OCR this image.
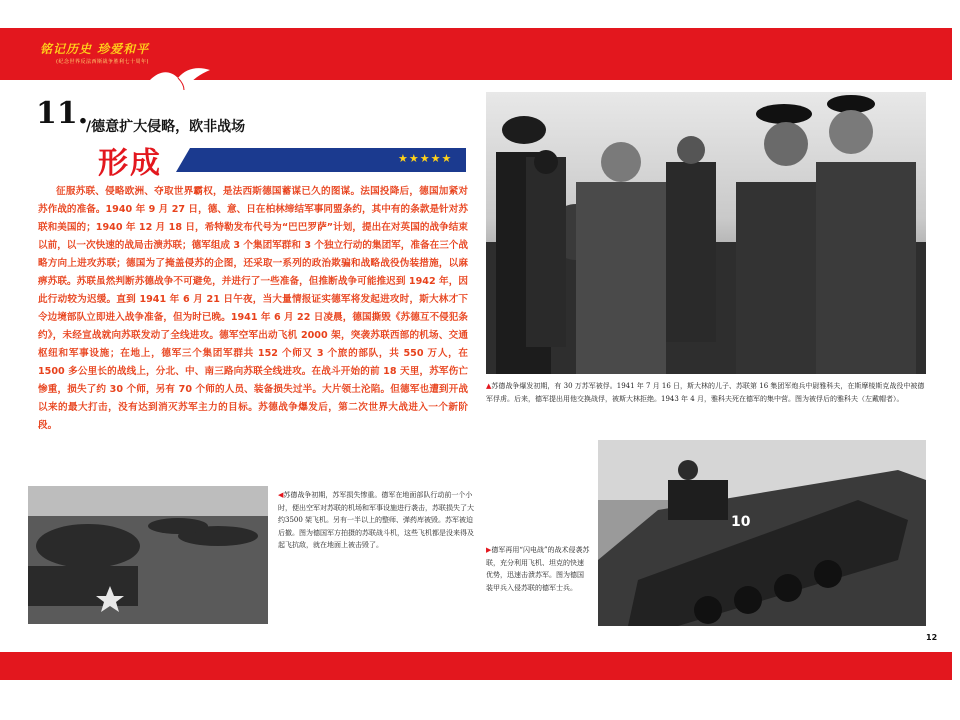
铭记历史 珍爱和平
(纪念世界反法西斯战争胜利七十周年)
11.
/德意扩大侵略，欧非战场
形成	★★★★★

征服苏联、侵略欧洲、夺取世界霸权，是法西斯德国蓄谋已久的图谋。法国投降后，德国加紧对苏作战的准备。1940 年 9 月 27 日，德、意、日在柏林缔结军事同盟条约，其中有的条款是针对苏联和美国的；1940 年 12 月 18 日，希特勒发布代号为“巴巴罗萨”计划，提出在对英国的战争结束以前，以一次快速的战局击溃苏联；德军组成 3 个集团军群和 3 个独立行动的集团军，准备在三个战略方向上进攻苏联；德国为了掩盖侵苏的企图，还采取一系列的政治欺骗和战略战役伪装措施，以麻痹苏联。苏联虽然判断苏德战争不可避免，并进行了一些准备，但推断战争可能推迟到 1942 年，因此行动较为迟缓。直到 1941 年 6 月 21 日午夜，当大量情报证实德军将发起进攻时，斯大林才下令边境部队立即进入战争准备，但为时已晚。1941 年 6 月 22 日凌晨，德国撕毁《苏德互不侵犯条约》，未经宣战就向苏联发动了全线进攻。德军空军出动飞机 2000 架，突袭苏联西部的机场、交通枢纽和军事设施；在地上，德军三个集团军群共 152 个师又 3 个旅的部队，共 550 万人，在 1500 多公里长的战线上，分北、中、南三路向苏联全线进攻。在战斗开始的前 18 天里，苏军伤亡惨重，损失了约 30 个师，另有 70 个师的人员、装备损失过半。大片领土沦陷。但德军也遭到开战以来的最大打击，没有达到消灭苏军主力的目标。苏德战争爆发后，第二次世界大战进入一个新阶段。

▲苏德战争爆发初期，有 30 万苏军被俘。1941 年 7 月 16 日，斯大林的儿子、苏联第 16 集团军炮兵中尉雅科夫，在斯摩棱斯克战役中被德军俘虏。后来，德军提出用他交换战俘，被斯大林拒绝。1943 年 4 月，雅科夫死在德军的集中营。图为被俘后的雅科夫（左戴帽者）。

◀苏德战争初期，苏军损失惨重。德军在地面部队行动前一个小时，便出空军对苏联的机场和军事设施进行袭击，苏联损失了大约3500 架飞机。另有一半以上的整师、弹药库被毁。苏军被迫后撤。图为德国军方拍摄的苏联战斗机，这些飞机都是没来得及起飞抗敌，就在地面上被击毁了。

10

▶德军再用“闪电战”的战术侵袭苏联，充分利用飞机、坦克的快速优势，迅速击溃苏军。图为德国装甲兵入侵苏联的德军士兵。

12
